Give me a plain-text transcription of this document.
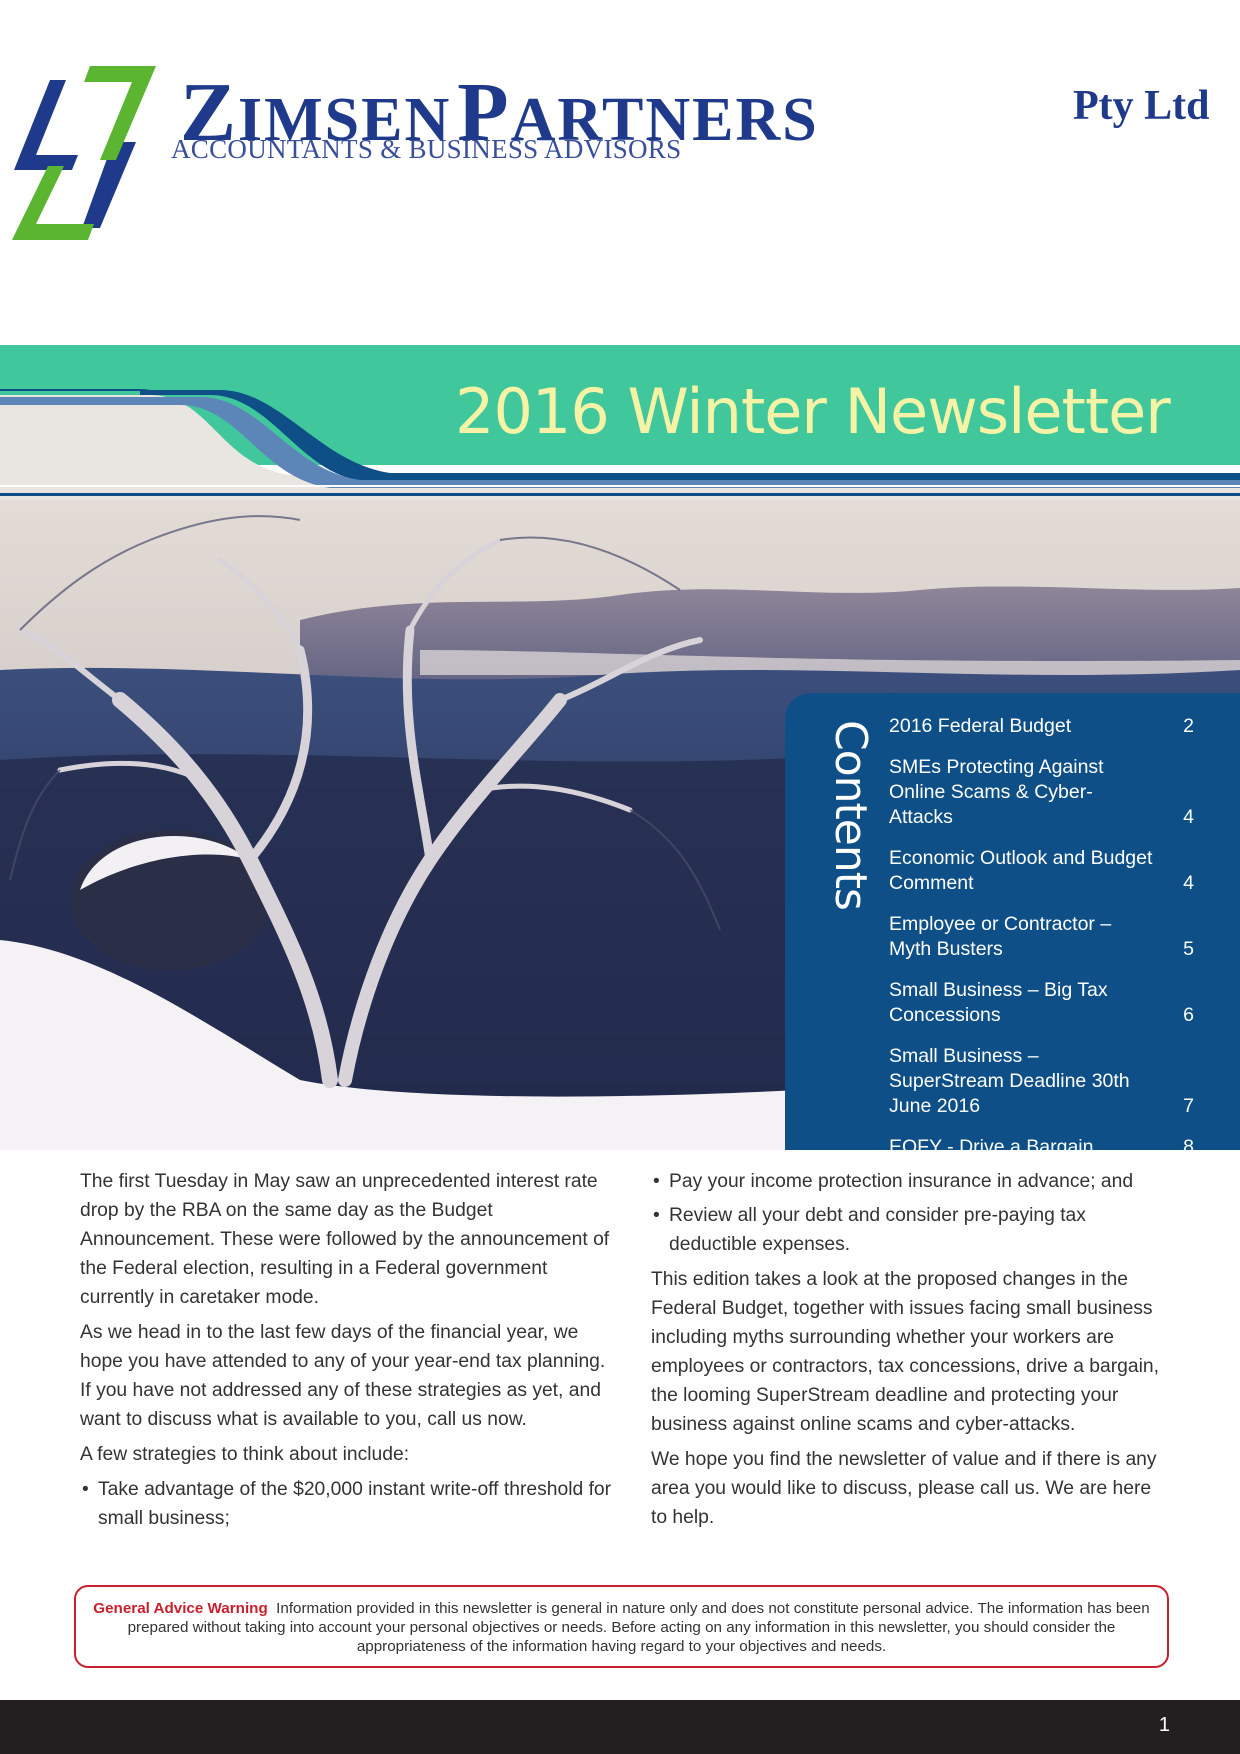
ZIMSEN PARTNERS	Pty Ltd
ACCOUNTANTS & BUSINESS ADVISORS
2016 Winter Newsletter
Contents 2016 Federal Budget	2
SMEs Protecting Against Online Scams & Cyber-Attacks	4
Economic Outlook and Budget Comment	4
Employee or Contractor – Myth Busters	5
Small Business – Big Tax Concessions	6
Small Business – SuperStream Deadline 30th June 2016	7
EOFY - Drive a Bargain	8

The first Tuesday in May saw an unprecedented interest rate drop by the RBA on the same day as the Budget Announcement. These were followed by the announcement of the Federal election, resulting in a Federal government currently in caretaker mode.

As we head in to the last few days of the financial year, we hope you have attended to any of your year-end tax planning. If you have not addressed any of these strategies as yet, and want to discuss what is available to you, call us now.

A few strategies to think about include:

• Take advantage of the $20,000 instant write-off threshold for small business;
• Pay your income protection insurance in advance; and
• Review all your debt and consider pre-paying tax deductible expenses.

This edition takes a look at the proposed changes in the Federal Budget, together with issues facing small business including myths surrounding whether your workers are employees or contractors, tax concessions, drive a bargain, the looming SuperStream deadline and protecting your business against online scams and cyber-attacks.

We hope you find the newsletter of value and if there is any area you would like to discuss, please call us. We are here to help.

General Advice Warning Information provided in this newsletter is general in nature only and does not constitute personal advice. The information has been prepared without taking into account your personal objectives or needs. Before acting on any information in this newsletter, you should consider the appropriateness of the information having regard to your objectives and needs.
1
